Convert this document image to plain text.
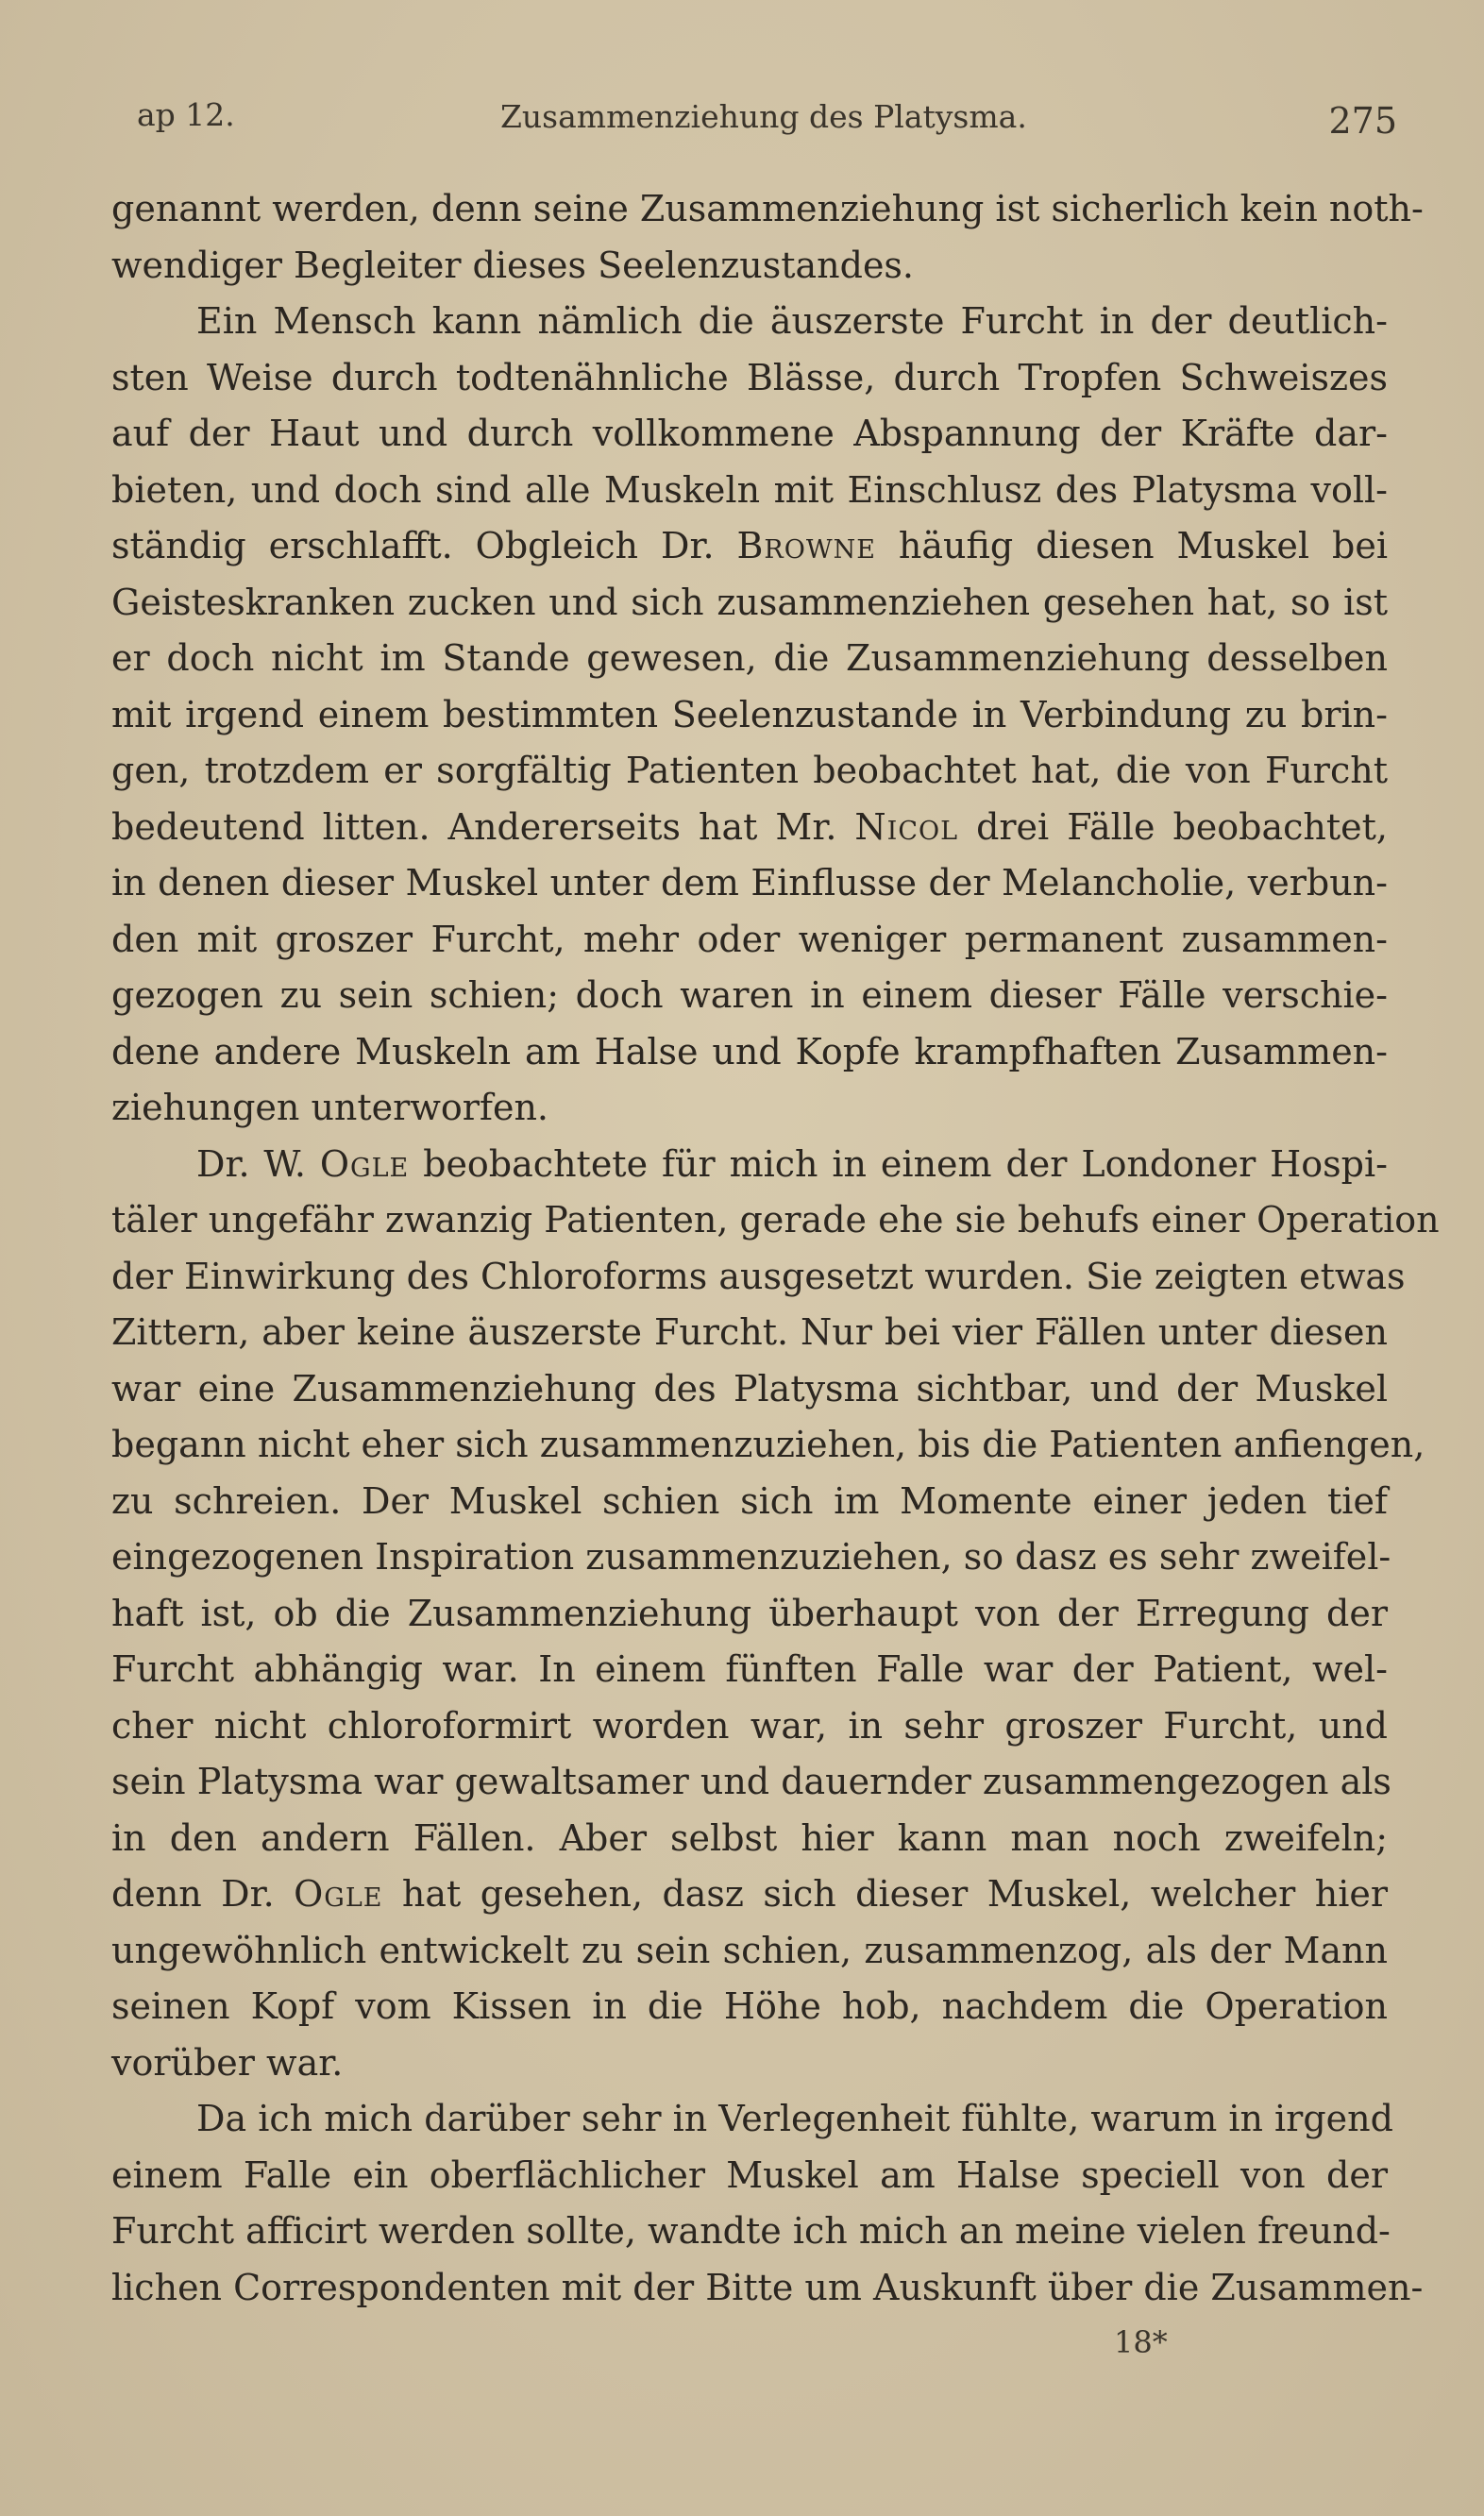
ap 12.	Zusammenziehung des Platysma.	275
genannt werden, denn seine Zusammenziehung ist sicherlich kein noth-
wendiger Begleiter dieses Seelenzustandes.
Ein Mensch kann nämlich die äuszerste Furcht in der deutlich-
sten Weise durch todtenähnliche Blässe, durch Tropfen Schweiszes
auf der Haut und durch vollkommene Abspannung der Kräfte dar-
bieten, und doch sind alle Muskeln mit Einschlusz des Platysma voll-
ständig erschlafft. Obgleich Dr. Browne häufig diesen Muskel bei
Geisteskranken zucken und sich zusammenziehen gesehen hat, so ist
er doch nicht im Stande gewesen, die Zusammenziehung desselben
mit irgend einem bestimmten Seelenzustande in Verbindung zu brin-
gen, trotzdem er sorgfältig Patienten beobachtet hat, die von Furcht
bedeutend litten. Andererseits hat Mr. Nicol drei Fälle beobachtet,
in denen dieser Muskel unter dem Einflusse der Melancholie, verbun-
den mit groszer Furcht, mehr oder weniger permanent zusammen-
gezogen zu sein schien; doch waren in einem dieser Fälle verschie-
dene andere Muskeln am Halse und Kopfe krampfhaften Zusammen-
ziehungen unterworfen.
Dr. W. Ogle beobachtete für mich in einem der Londoner Hospi-
täler ungefähr zwanzig Patienten, gerade ehe sie behufs einer Operation
der Einwirkung des Chloroforms ausgesetzt wurden. Sie zeigten etwas
Zittern, aber keine äuszerste Furcht. Nur bei vier Fällen unter diesen
war eine Zusammenziehung des Platysma sichtbar, und der Muskel
begann nicht eher sich zusammenzuziehen, bis die Patienten anfiengen,
zu schreien. Der Muskel schien sich im Momente einer jeden tief
eingezogenen Inspiration zusammenzuziehen, so dasz es sehr zweifel-
haft ist, ob die Zusammenziehung überhaupt von der Erregung der
Furcht abhängig war. In einem fünften Falle war der Patient, wel-
cher nicht chloroformirt worden war, in sehr groszer Furcht, und
sein Platysma war gewaltsamer und dauernder zusammengezogen als
in den andern Fällen. Aber selbst hier kann man noch zweifeln;
denn Dr. Ogle hat gesehen, dasz sich dieser Muskel, welcher hier
ungewöhnlich entwickelt zu sein schien, zusammenzog, als der Mann
seinen Kopf vom Kissen in die Höhe hob, nachdem die Operation
vorüber war.
Da ich mich darüber sehr in Verlegenheit fühlte, warum in irgend
einem Falle ein oberflächlicher Muskel am Halse speciell von der
Furcht afficirt werden sollte, wandte ich mich an meine vielen freund-
lichen Correspondenten mit der Bitte um Auskunft über die Zusammen-
18*
